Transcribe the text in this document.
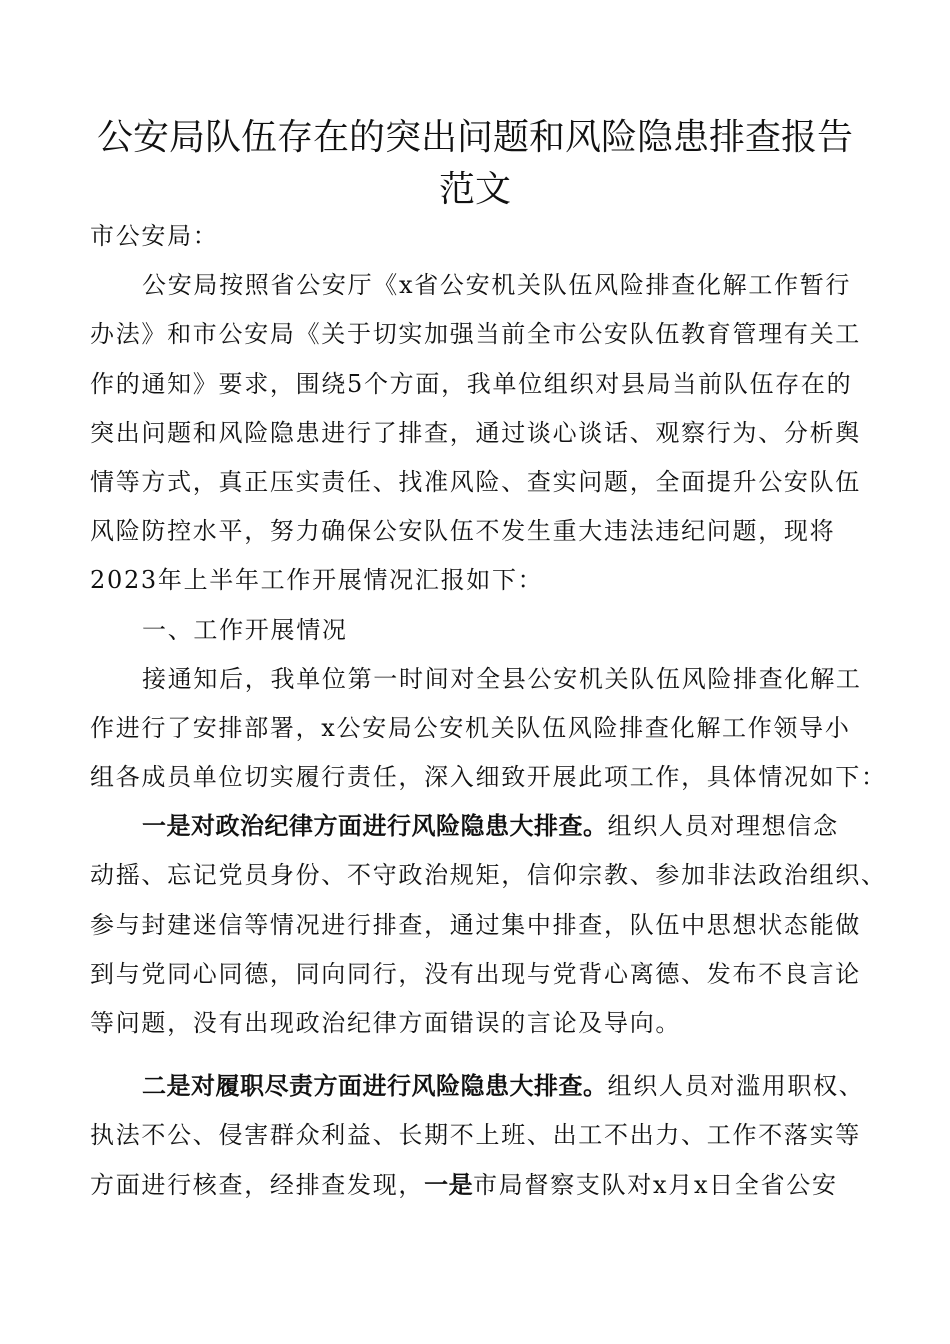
公安局队伍存在的突出问题和风险隐患排查报告
范文
市公安局：
公安局按照省公安厅《x省公安机关队伍风险排查化解工作暂行
办法》和市公安局《关于切实加强当前全市公安队伍教育管理有关工
作的通知》要求，围绕5个方面，我单位组织对县局当前队伍存在的
突出问题和风险隐患进行了排查，通过谈心谈话、观察行为、分析舆
情等方式，真正压实责任、找准风险、查实问题，全面提升公安队伍
风险防控水平，努力确保公安队伍不发生重大违法违纪问题，现将
2023年上半年工作开展情况汇报如下：
一、工作开展情况
接通知后，我单位第一时间对全县公安机关队伍风险排查化解工
作进行了安排部署，x公安局公安机关队伍风险排查化解工作领导小
组各成员单位切实履行责任，深入细致开展此项工作，具体情况如下：
一是对政治纪律方面进行风险隐患大排查。组织人员对理想信念
动摇、忘记党员身份、不守政治规矩，信仰宗教、参加非法政治组织、
参与封建迷信等情况进行排查，通过集中排查，队伍中思想状态能做
到与党同心同德，同向同行，没有出现与党背心离德、发布不良言论
等问题，没有出现政治纪律方面错误的言论及导向。
二是对履职尽责方面进行风险隐患大排查。组织人员对滥用职权、
执法不公、侵害群众利益、长期不上班、出工不出力、工作不落实等
方面进行核查，经排查发现，一是市局督察支队对x月x日全省公安
